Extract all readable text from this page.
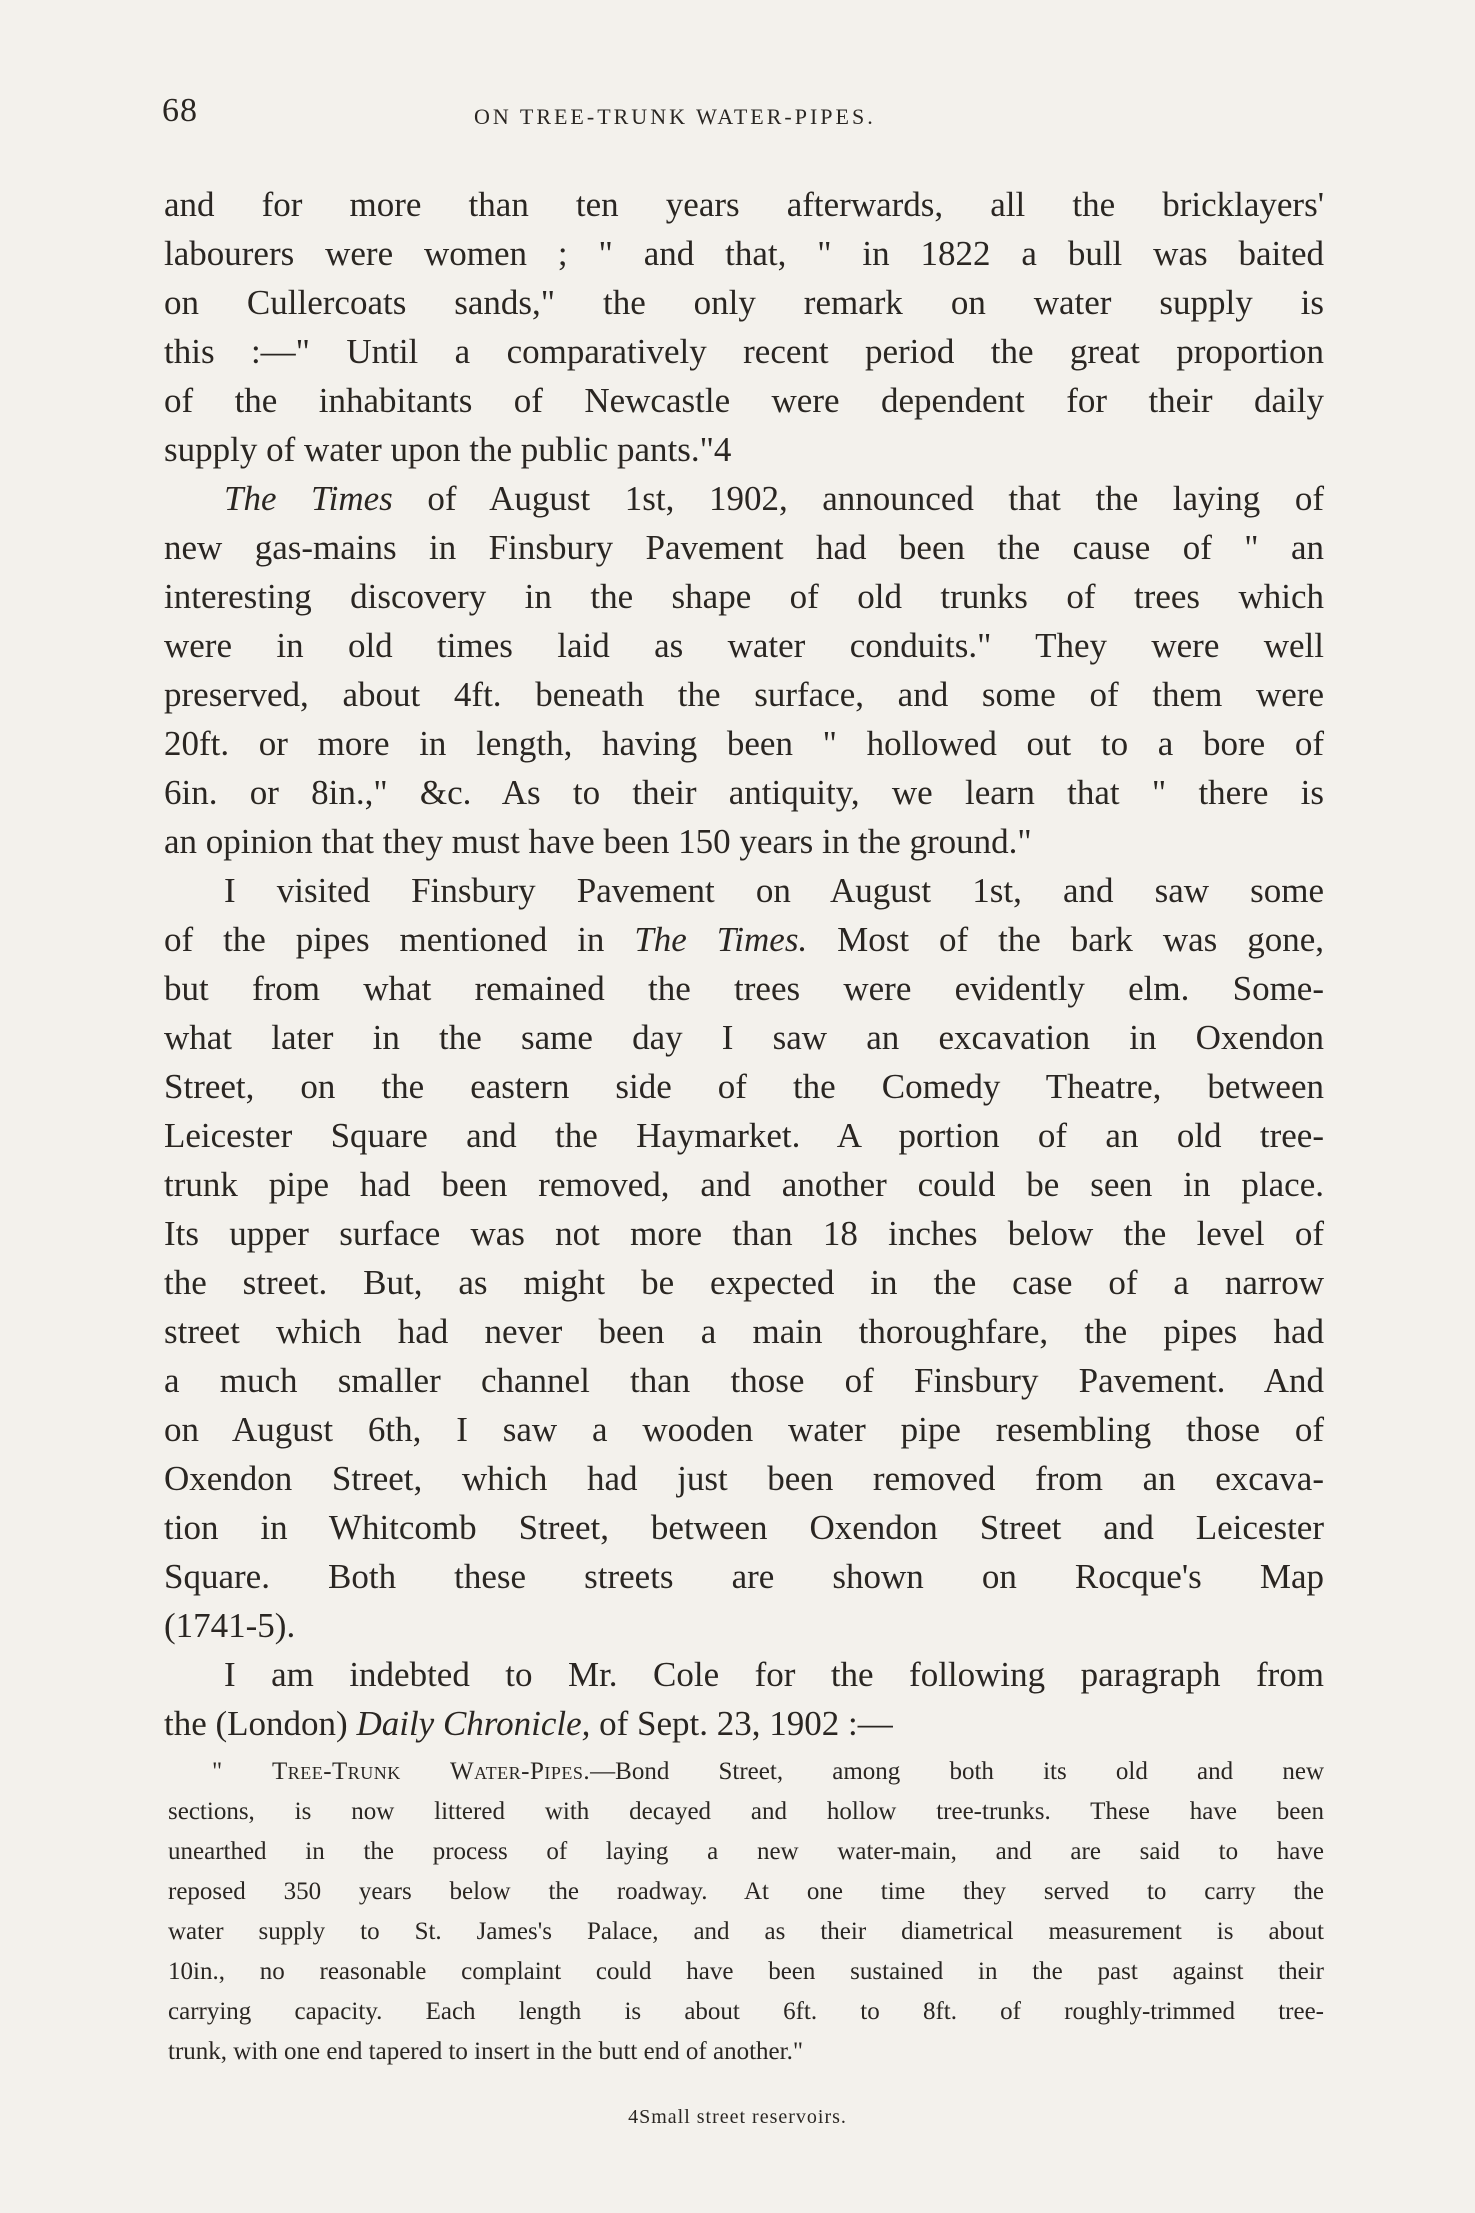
68	ON TREE-TRUNK WATER-PIPES.

and for more than ten years afterwards, all the bricklayers'
labourers were women ; " and that, " in 1822 a bull was baited
on Cullercoats sands," the only remark on water supply is
this :—" Until a comparatively recent period the great proportion
of the inhabitants of Newcastle were dependent for their daily
supply of water upon the public pants."4

The Times of August 1st, 1902, announced that the laying of
new gas-mains in Finsbury Pavement had been the cause of " an
interesting discovery in the shape of old trunks of trees which
were in old times laid as water conduits." They were well
preserved, about 4ft. beneath the surface, and some of them were
20ft. or more in length, having been " hollowed out to a bore of
6in. or 8in.," &c. As to their antiquity, we learn that " there is
an opinion that they must have been 150 years in the ground."

I visited Finsbury Pavement on August 1st, and saw some
of the pipes mentioned in The Times. Most of the bark was gone,
but from what remained the trees were evidently elm. Some-
what later in the same day I saw an excavation in Oxendon
Street, on the eastern side of the Comedy Theatre, between
Leicester Square and the Haymarket. A portion of an old tree-
trunk pipe had been removed, and another could be seen in place.
Its upper surface was not more than 18 inches below the level of
the street. But, as might be expected in the case of a narrow
street which had never been a main thoroughfare, the pipes had
a much smaller channel than those of Finsbury Pavement. And
on August 6th, I saw a wooden water pipe resembling those of
Oxendon Street, which had just been removed from an excava-
tion in Whitcomb Street, between Oxendon Street and Leicester
Square. Both these streets are shown on Rocque's Map
(1741-5).

I am indebted to Mr. Cole for the following paragraph from
the (London) Daily Chronicle, of Sept. 23, 1902 :—

" Tree-Trunk Water-Pipes.—Bond Street, among both its old and new
sections, is now littered with decayed and hollow tree-trunks. These have been
unearthed in the process of laying a new water-main, and are said to have
reposed 350 years below the roadway. At one time they served to carry the
water supply to St. James's Palace, and as their diametrical measurement is about
10in., no reasonable complaint could have been sustained in the past against their
carrying capacity. Each length is about 6ft. to 8ft. of roughly-trimmed tree-
trunk, with one end tapered to insert in the butt end of another."
4Small street reservoirs.
